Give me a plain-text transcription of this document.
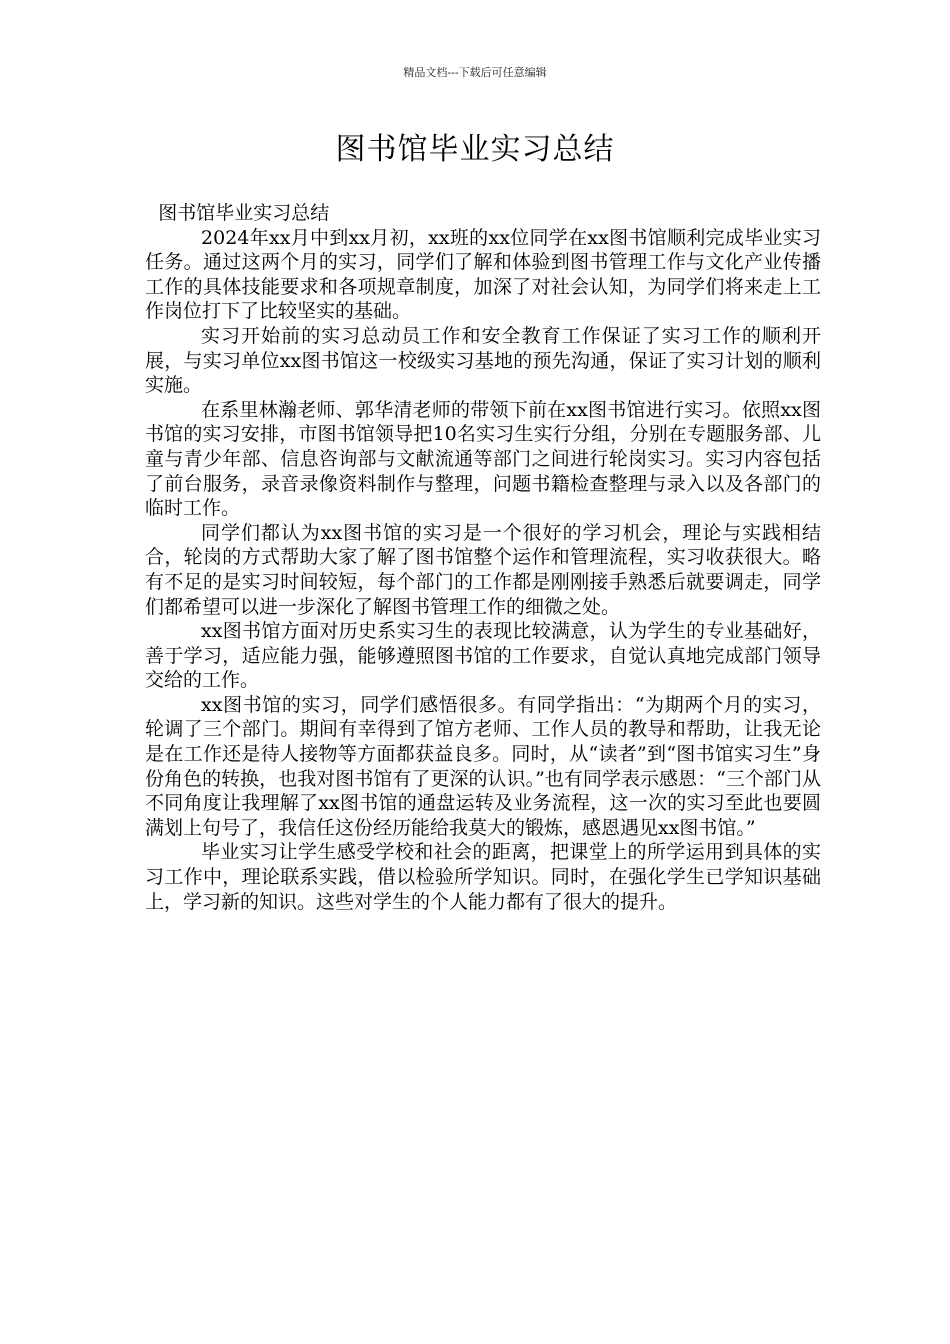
精品文档---下载后可任意编辑
图书馆毕业实习总结

图书馆毕业实习总结

2024年xx月中到xx月初，xx班的xx位同学在xx图书馆顺利完成毕业实习任务。通过这两个月的实习，同学们了解和体验到图书管理工作与文化产业传播工作的具体技能要求和各项规章制度，加深了对社会认知，为同学们将来走上工作岗位打下了比较坚实的基础。

实习开始前的实习总动员工作和安全教育工作保证了实习工作的顺利开展，与实习单位xx图书馆这一校级实习基地的预先沟通，保证了实习计划的顺利实施。

在系里林瀚老师、郭华清老师的带领下前在xx图书馆进行实习。依照xx图书馆的实习安排，市图书馆领导把10名实习生实行分组，分别在专题服务部、儿童与青少年部、信息咨询部与文献流通等部门之间进行轮岗实习。实习内容包括了前台服务，录音录像资料制作与整理，问题书籍检查整理与录入以及各部门的临时工作。

同学们都认为xx图书馆的实习是一个很好的学习机会，理论与实践相结合，轮岗的方式帮助大家了解了图书馆整个运作和管理流程，实习收获很大。略有不足的是实习时间较短，每个部门的工作都是刚刚接手熟悉后就要调走，同学们都希望可以进一步深化了解图书管理工作的细微之处。

xx图书馆方面对历史系实习生的表现比较满意，认为学生的专业基础好，善于学习，适应能力强，能够遵照图书馆的工作要求，自觉认真地完成部门领导交给的工作。

xx图书馆的实习，同学们感悟很多。有同学指出：“为期两个月的实习，轮调了三个部门。期间有幸得到了馆方老师、工作人员的教导和帮助，让我无论是在工作还是待人接物等方面都获益良多。同时，从“读者”到“图书馆实习生”身份角色的转换，也我对图书馆有了更深的认识。”也有同学表示感恩：“三个部门从不同角度让我理解了xx图书馆的通盘运转及业务流程，这一次的实习至此也要圆满划上句号了，我信任这份经历能给我莫大的锻炼，感恩遇见xx图书馆。”

毕业实习让学生感受学校和社会的距离，把课堂上的所学运用到具体的实习工作中，理论联系实践，借以检验所学知识。同时，在强化学生已学知识基础上，学习新的知识。这些对学生的个人能力都有了很大的提升。
